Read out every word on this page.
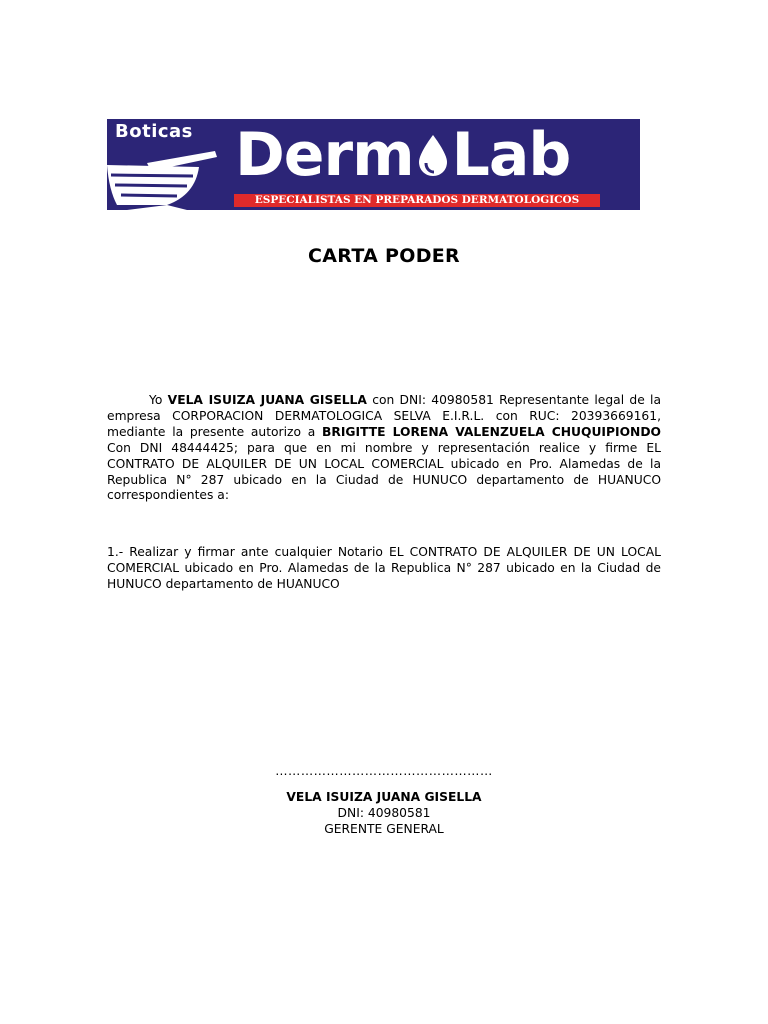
Boticas Derm Lab
ESPECIALISTAS EN PREPARADOS DERMATOLOGICOS
CARTA PODER
Yo VELA ISUIZA JUANA GISELLA con DNI: 40980581 Representante legal de la empresa CORPORACION DERMATOLOGICA SELVA E.I.R.L. con RUC: 20393669161, mediante la presente autorizo a BRIGITTE LORENA VALENZUELA CHUQUIPIONDO Con DNI 48444425; para que en mi nombre y representación realice y firme EL CONTRATO DE ALQUILER DE UN LOCAL COMERCIAL ubicado en Pro. Alamedas de la Republica N° 287 ubicado en la Ciudad de HUNUCO departamento de HUANUCO correspondientes a:
1.- Realizar y firmar ante cualquier Notario EL CONTRATO DE ALQUILER DE UN LOCAL COMERCIAL ubicado en Pro. Alamedas de la Republica N° 287 ubicado en la Ciudad de HUNUCO departamento de HUANUCO
……………………………………………
VELA ISUIZA JUANA GISELLA
DNI: 40980581
GERENTE GENERAL
